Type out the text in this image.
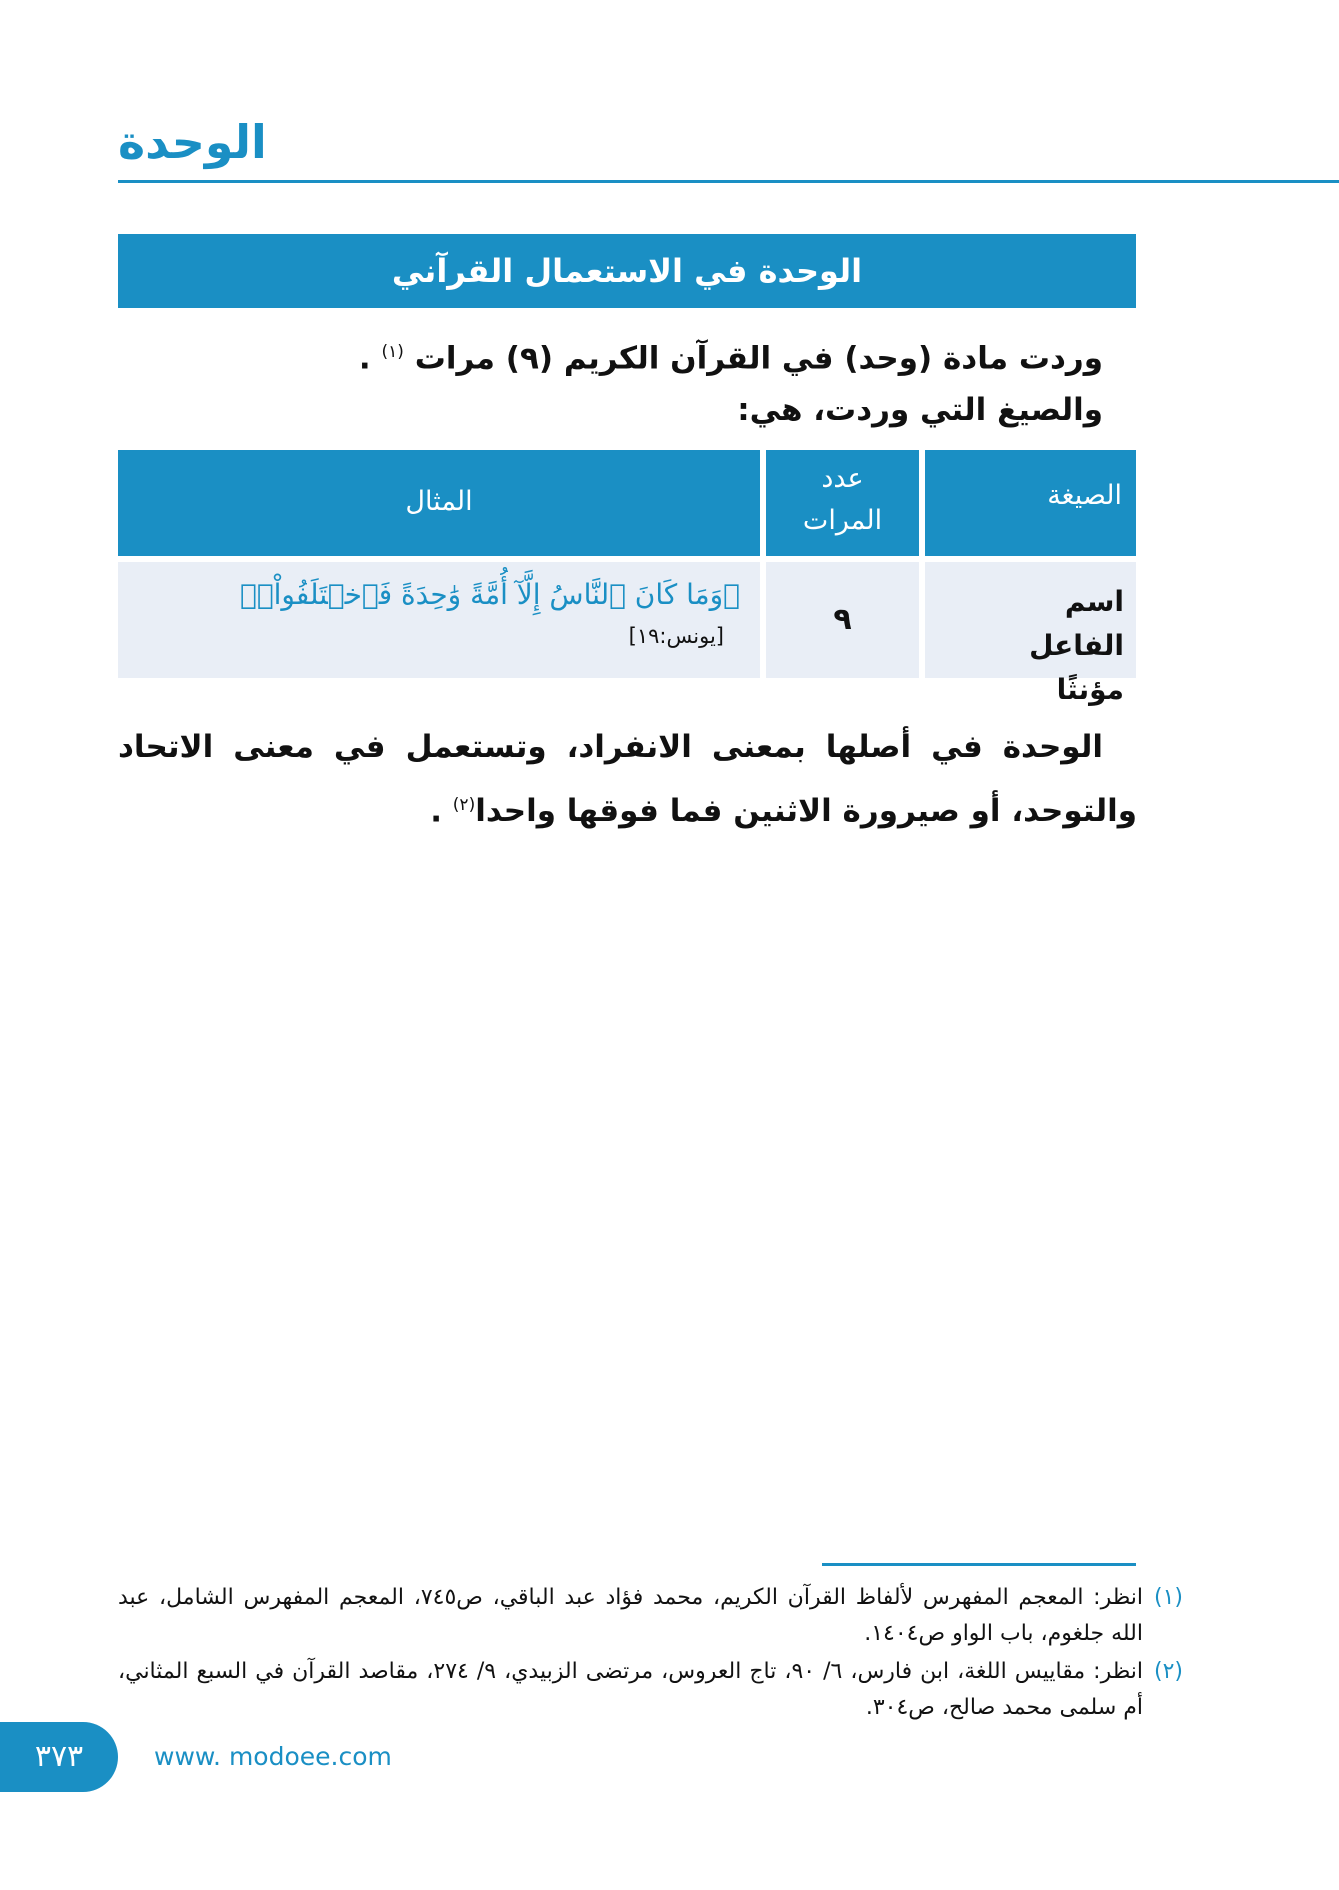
الوحدة
الوحدة في الاستعمال القرآني
وردت مادة (وحد) في القرآن الكريم (٩) مرات $^{(١)}$ .
والصيغ التي وردت، هي:
الصيغة
عدد المرات
المثال
اسم الفاعل مؤنثًا
٩
﴿وَمَا كَانَ ٱلنَّاسُ إِلَّآ أُمَّةً وَٰحِدَةً فَٱخۡتَلَفُواْۚ﴾
[يونس:١٩]
الوحدة في أصلها بمعنى الانفراد، وتستعمل في معنى الاتحاد والتوحد، أو صيرورة الاثنين فما فوقها واحدا$^{(٢)}$ .
(١)
انظر: المعجم المفهرس لألفاظ القرآن الكريم، محمد فؤاد عبد الباقي، ص٧٤٥، المعجم المفهرس الشامل، عبد الله جلغوم، باب الواو ص١٤٠٤.
(٢)
انظر: مقاييس اللغة، ابن فارس، ٦/ ٩٠، تاج العروس، مرتضى الزبيدي، ٩/ ٢٧٤، مقاصد القرآن في السبع المثاني، أم سلمى محمد صالح، ص٣٠٤.
٣٧٣	www. modoee.com
